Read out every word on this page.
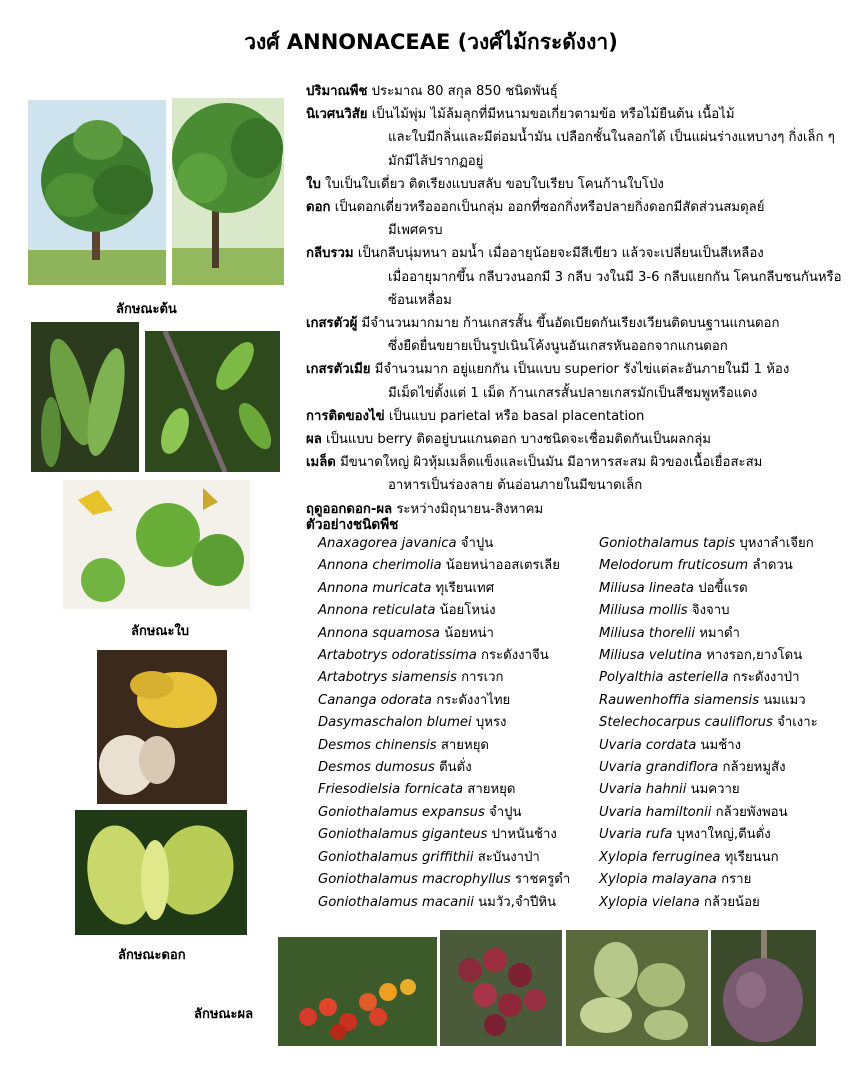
วงศ์ ANNONACEAE (วงศ์ไม้กระดังงา)
ลักษณะต้น
ลักษณะใบ
ลักษณะดอก
ลักษณะผล
ปริมาณพืช ประมาณ 80 สกุล 850 ชนิดพันธุ์
นิเวศนวิสัย เป็นไม้พุ่ม ไม้ล้มลุกที่มีหนามขอเกี่ยวตามข้อ หรือไม้ยืนต้น เนื้อไม้
และใบมีกลิ่นและมีต่อมน้ำมัน เปลือกชั้นในลอกได้ เป็นแผ่นร่างแหบางๆ กิ่งเล็ก ๆ มักมีไส้ปรากฏอยู่
ใบ ใบเป็นใบเดี่ยว ติดเรียงแบบสลับ ขอบใบเรียบ โคนก้านใบโป่ง
ดอก เป็นดอกเดี่ยวหรือออกเป็นกลุ่ม ออกที่ซอกกิ่งหรือปลายกิ่งดอกมีสัดส่วนสมดุลย์
มีเพศครบ
กลีบรวม เป็นกลีบนุ่มหนา อมน้ำ เมื่ออายุน้อยจะมีสีเขียว แล้วจะเปลี่ยนเป็นสีเหลือง
เมื่ออายุมากขึ้น กลีบวงนอกมี 3 กลีบ วงในมี 3-6 กลีบแยกกัน โคนกลีบชนกันหรือซ้อนเหลื่อม
เกสรตัวผู้ มีจำนวนมากมาย ก้านเกสรสั้น ขึ้นอัดเบียดกันเรียงเวียนติดบนฐานแกนดอก
ซึ่งยืดยื่นขยายเป็นรูปเนินโค้งนูนอันเกสรหันออกจากแกนดอก
เกสรตัวเมีย มีจำนวนมาก อยู่แยกกัน เป็นแบบ superior รังไข่แต่ละอันภายในมี 1 ห้อง
มีเม็ดไข่ตั้งแต่ 1 เม็ด ก้านเกสรสั้นปลายเกสรมักเป็นสีชมพูหรือแดง
การติดของไข่ เป็นแบบ parietal หรือ basal placentation
ผล เป็นแบบ berry ติดอยู่บนแกนดอก บางชนิดจะเชื่อมติดกันเป็นผลกลุ่ม
เมล็ด มีขนาดใหญ่ ผิวหุ้มเมล็ดแข็งและเป็นมัน มีอาหารสะสม ผิวของเนื้อเยื่อสะสม
อาหารเป็นร่องลาย ต้นอ่อนภายในมีขนาดเล็ก
ฤดูออกดอก-ผล ระหว่างมิถุนายน-สิงหาคม
ตัวอย่างชนิดพืช
Anaxagorea javanica จำปูน
Annona cherimolia น้อยหน่าออสเตรเลีย
Annona muricata ทุเรียนเทศ
Annona reticulata น้อยโหน่ง
Annona squamosa น้อยหน่า
Artabotrys odoratissima กระดังงาจีน
Artabotrys siamensis การเวก
Cananga odorata กระดังงาไทย
Dasymaschalon blumei บุหรง
Desmos chinensis สายหยุด
Desmos dumosus ตีนตั่ง
Friesodielsia fornicata สายหยุด
Goniothalamus expansus จำปูน
Goniothalamus giganteus ปาหนันช้าง
Goniothalamus griffithii สะบันงาป่า
Goniothalamus macrophyllus ราชครูดำ
Goniothalamus macanii นมวัว,จำปีหิน
Goniothalamus tapis บุหงาลำเจียก
Melodorum fruticosum ลำดวน
Miliusa lineata ปอขี้แรด
Miliusa mollis จิงจาบ
Miliusa thorelii หมาดำ
Miliusa velutina หางรอก,ยางโดน
Polyalthia asteriella กระดังงาป่า
Rauwenhoffia siamensis นมแมว
Stelechocarpus cauliflorus จำเงาะ
Uvaria cordata นมช้าง
Uvaria grandiflora กล้วยหมูสัง
Uvaria hahnii นมควาย
Uvaria hamiltonii กล้วยพังพอน
Uvaria rufa บุหงาใหญ่,ตีนตั่ง
Xylopia ferruginea ทุเรียนนก
Xylopia malayana กราย
Xylopia vielana กล้วยน้อย
